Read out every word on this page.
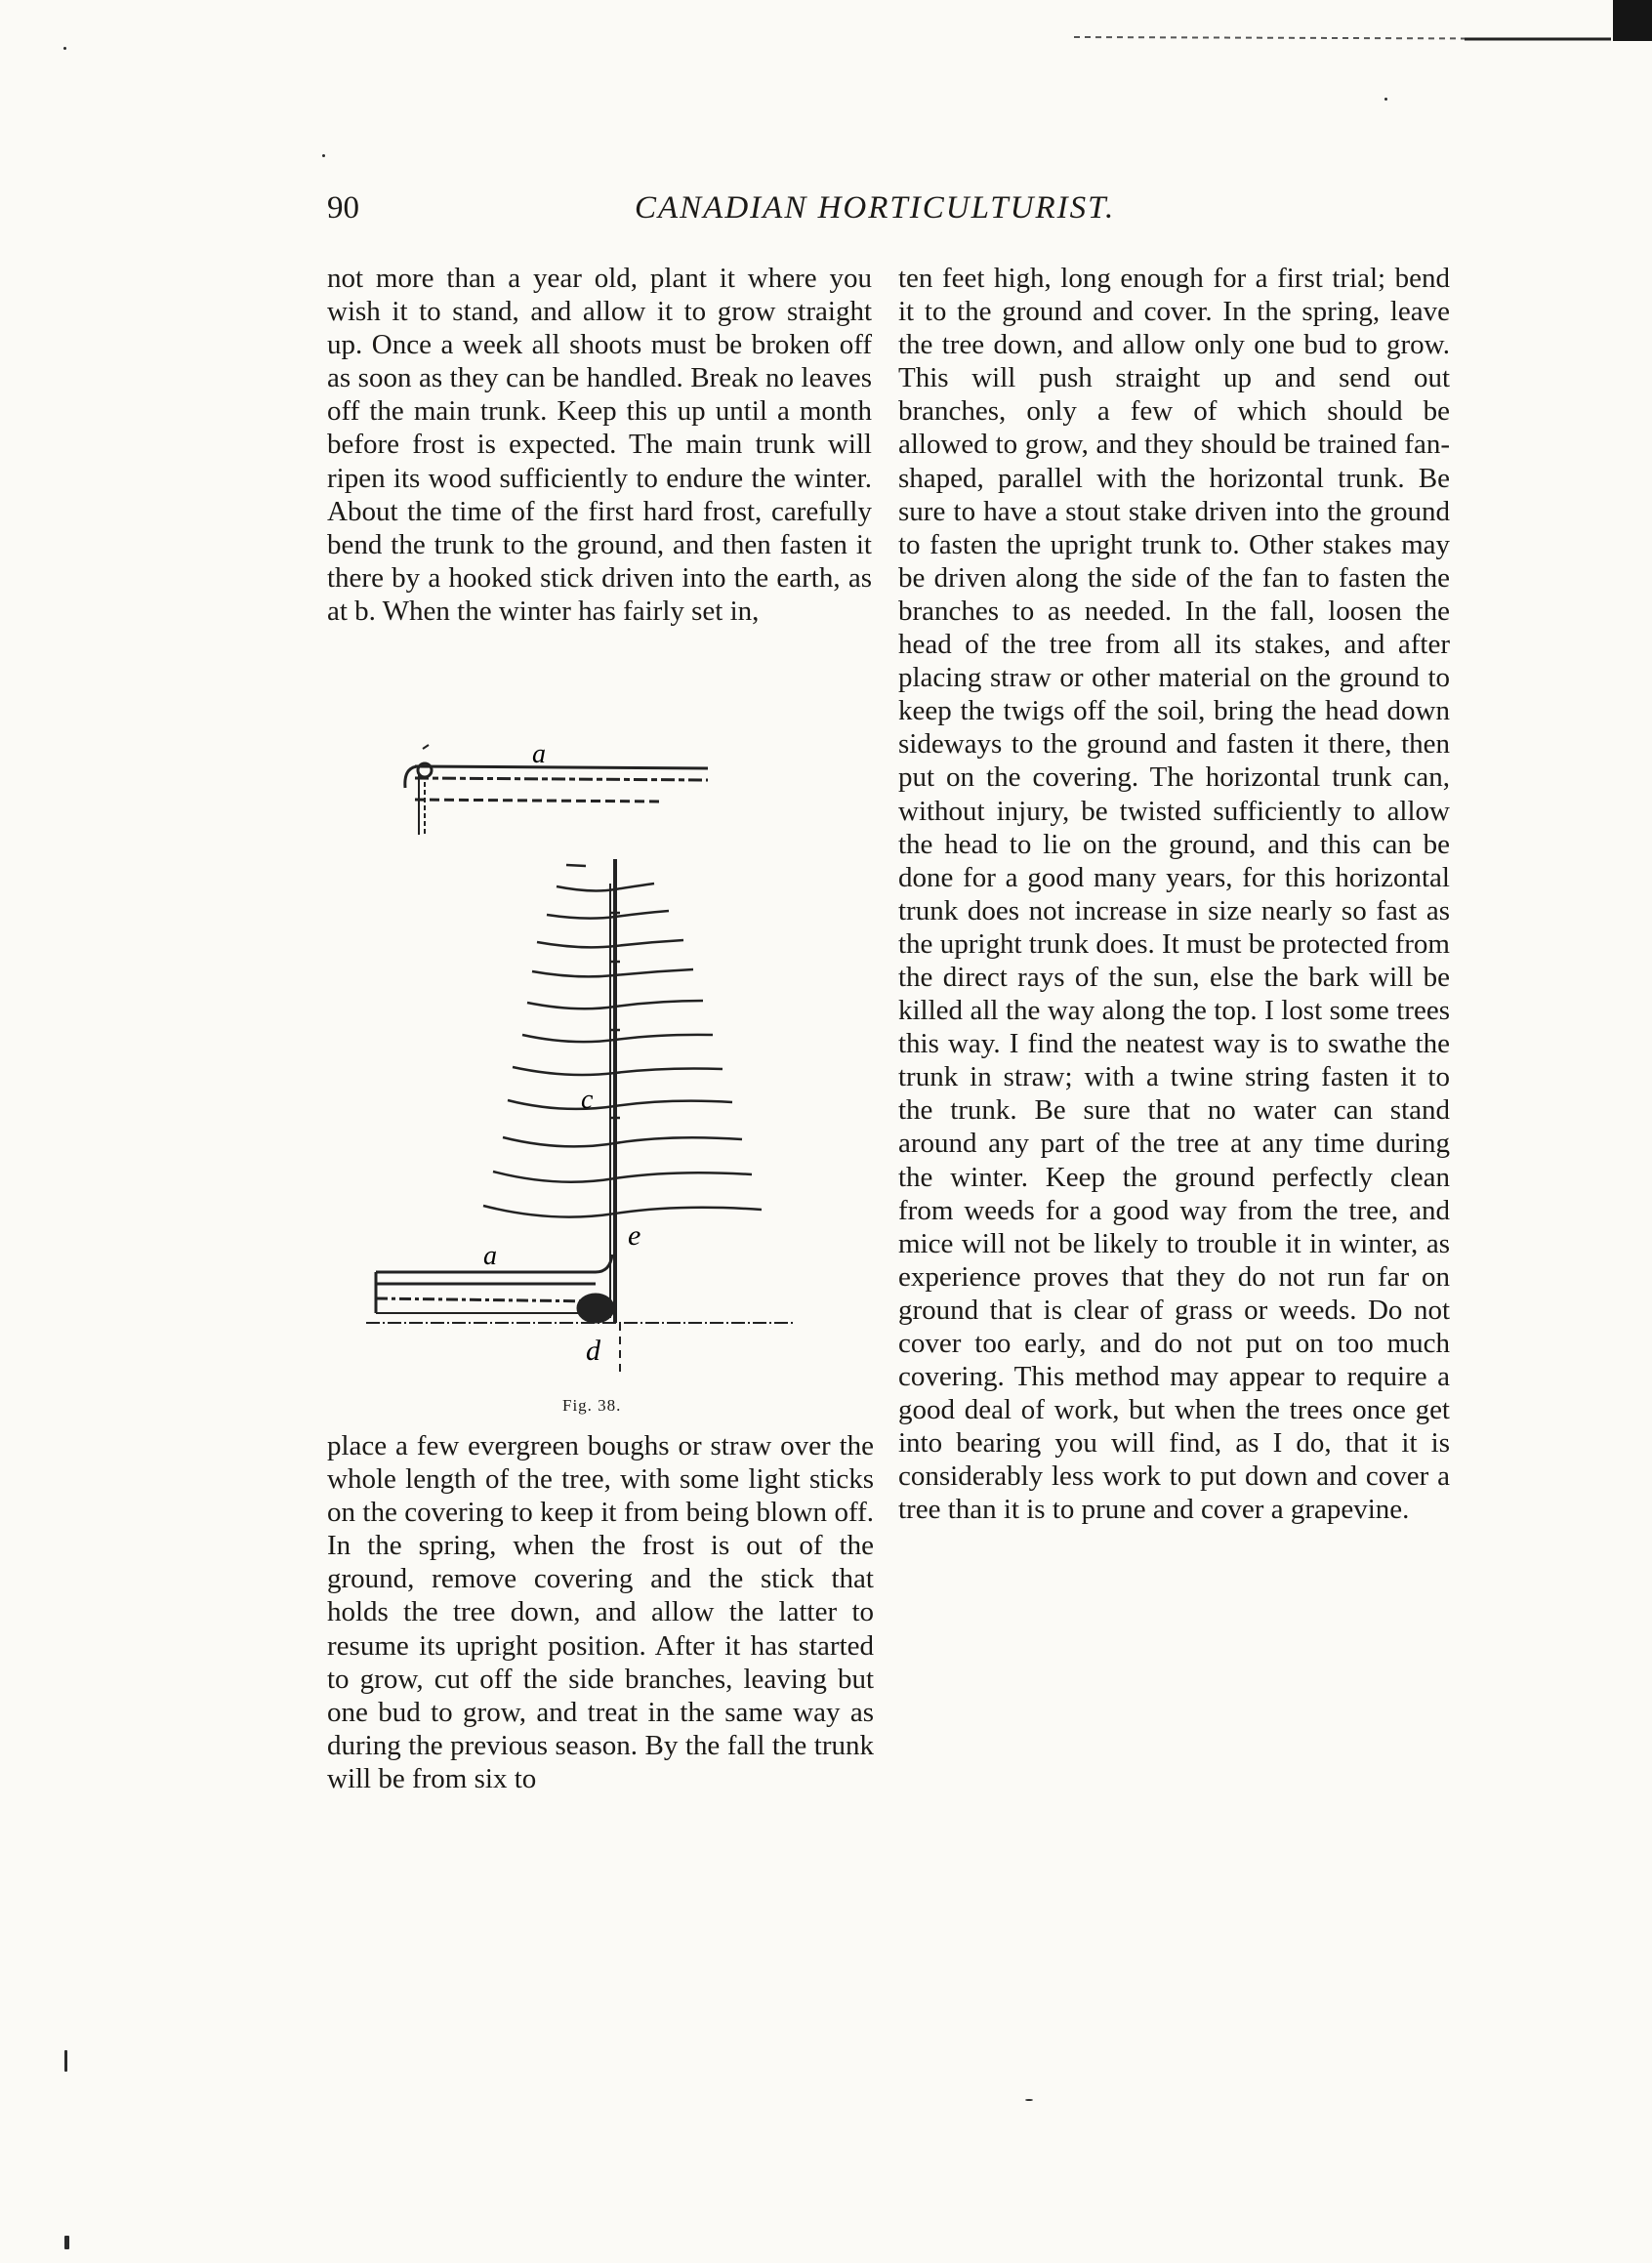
90	CANADIAN HORTICULTURIST.

not more than a year old, plant it where you wish it to stand, and allow it to grow straight up. Once a week all shoots must be broken off as soon as they can be handled. Break no leaves off the main trunk. Keep this up until a month before frost is expected. The main trunk will ripen its wood sufficiently to endure the winter. About the time of the first hard frost, carefully bend the trunk to the ground, and then fasten it there by a hooked stick driven into the earth, as at b. When the winter has fairly set in,

a
c
e
a
d
Fig. 38.

place a few evergreen boughs or straw over the whole length of the tree, with some light sticks on the covering to keep it from being blown off. In the spring, when the frost is out of the ground, remove covering and the stick that holds the tree down, and allow the latter to resume its upright position. After it has started to grow, cut off the side branches, leaving but one bud to grow, and treat in the same way as during the previous season. By the fall the trunk will be from six to

ten feet high, long enough for a first trial; bend it to the ground and cover. In the spring, leave the tree down, and allow only one bud to grow. This will push straight up and send out branches, only a few of which should be allowed to grow, and they should be trained fan-shaped, parallel with the horizontal trunk. Be sure to have a stout stake driven into the ground to fasten the upright trunk to. Other stakes may be driven along the side of the fan to fasten the branches to as needed. In the fall, loosen the head of the tree from all its stakes, and after placing straw or other material on the ground to keep the twigs off the soil, bring the head down sideways to the ground and fasten it there, then put on the covering. The horizontal trunk can, without injury, be twisted sufficiently to allow the head to lie on the ground, and this can be done for a good many years, for this horizontal trunk does not increase in size nearly so fast as the upright trunk does. It must be protected from the direct rays of the sun, else the bark will be killed all the way along the top. I lost some trees this way. I find the neatest way is to swathe the trunk in straw; with a twine string fasten it to the trunk. Be sure that no water can stand around any part of the tree at any time during the winter. Keep the ground perfectly clean from weeds for a good way from the tree, and mice will not be likely to trouble it in winter, as experience proves that they do not run far on ground that is clear of grass or weeds. Do not cover too early, and do not put on too much covering. This method may appear to require a good deal of work, but when the trees once get into bearing you will find, as I do, that it is considerably less work to put down and cover a tree than it is to prune and cover a grapevine.
